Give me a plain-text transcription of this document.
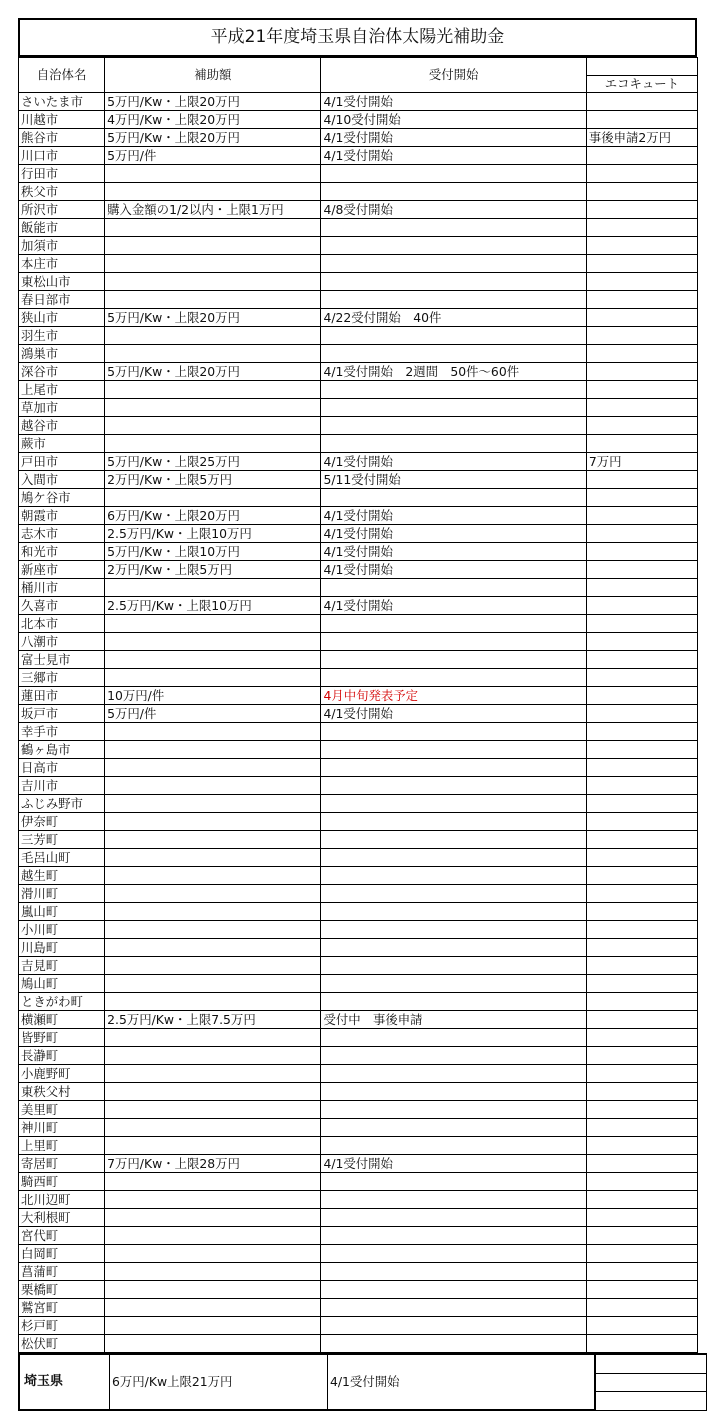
平成21年度埼玉県自治体太陽光補助金
自治体名	補助額	受付開始	エコキュート

さいたま市	5万円/Kw・上限20万円	4/1受付開始	
川越市	4万円/Kw・上限20万円	4/10受付開始	
熊谷市	5万円/Kw・上限20万円	4/1受付開始	事後申請2万円
川口市	5万円/件	4/1受付開始	
行田市			
秩父市			
所沢市	購入金額の1/2以内・上限1万円	4/8受付開始	
飯能市			
加須市			
本庄市			
東松山市			
春日部市			
狭山市	5万円/Kw・上限20万円	4/22受付開始　40件	
羽生市			
鴻巣市			
深谷市	5万円/Kw・上限20万円	4/1受付開始　2週間　50件～60件	
上尾市			
草加市			
越谷市			
蕨市			
戸田市	5万円/Kw・上限25万円	4/1受付開始	7万円
入間市	2万円/Kw・上限5万円	5/11受付開始	
鳩ケ谷市			
朝霞市	6万円/Kw・上限20万円	4/1受付開始	
志木市	2.5万円/Kw・上限10万円	4/1受付開始	
和光市	5万円/Kw・上限10万円	4/1受付開始	
新座市	2万円/Kw・上限5万円	4/1受付開始	
桶川市			
久喜市	2.5万円/Kw・上限10万円	4/1受付開始	
北本市			
八潮市			
富士見市			
三郷市			
蓮田市	10万円/件	4月中旬発表予定	
坂戸市	5万円/件	4/1受付開始	
幸手市			
鶴ヶ島市			
日高市			
吉川市			
ふじみ野市			
伊奈町			
三芳町			
毛呂山町			
越生町			
滑川町			
嵐山町			
小川町			
川島町			
吉見町			
鳩山町			
ときがわ町			
横瀬町	2.5万円/Kw・上限7.5万円	受付中　事後申請	
皆野町			
長瀞町			
小鹿野町			
東秩父村			
美里町			
神川町			
上里町			
寄居町	7万円/Kw・上限28万円	4/1受付開始	
騎西町			
北川辺町			
大利根町			
宮代町			
白岡町			
菖蒲町			
栗橋町			
鷲宮町			
杉戸町			
松伏町			
埼玉県	6万円/Kw上限21万円	4/1受付開始	
